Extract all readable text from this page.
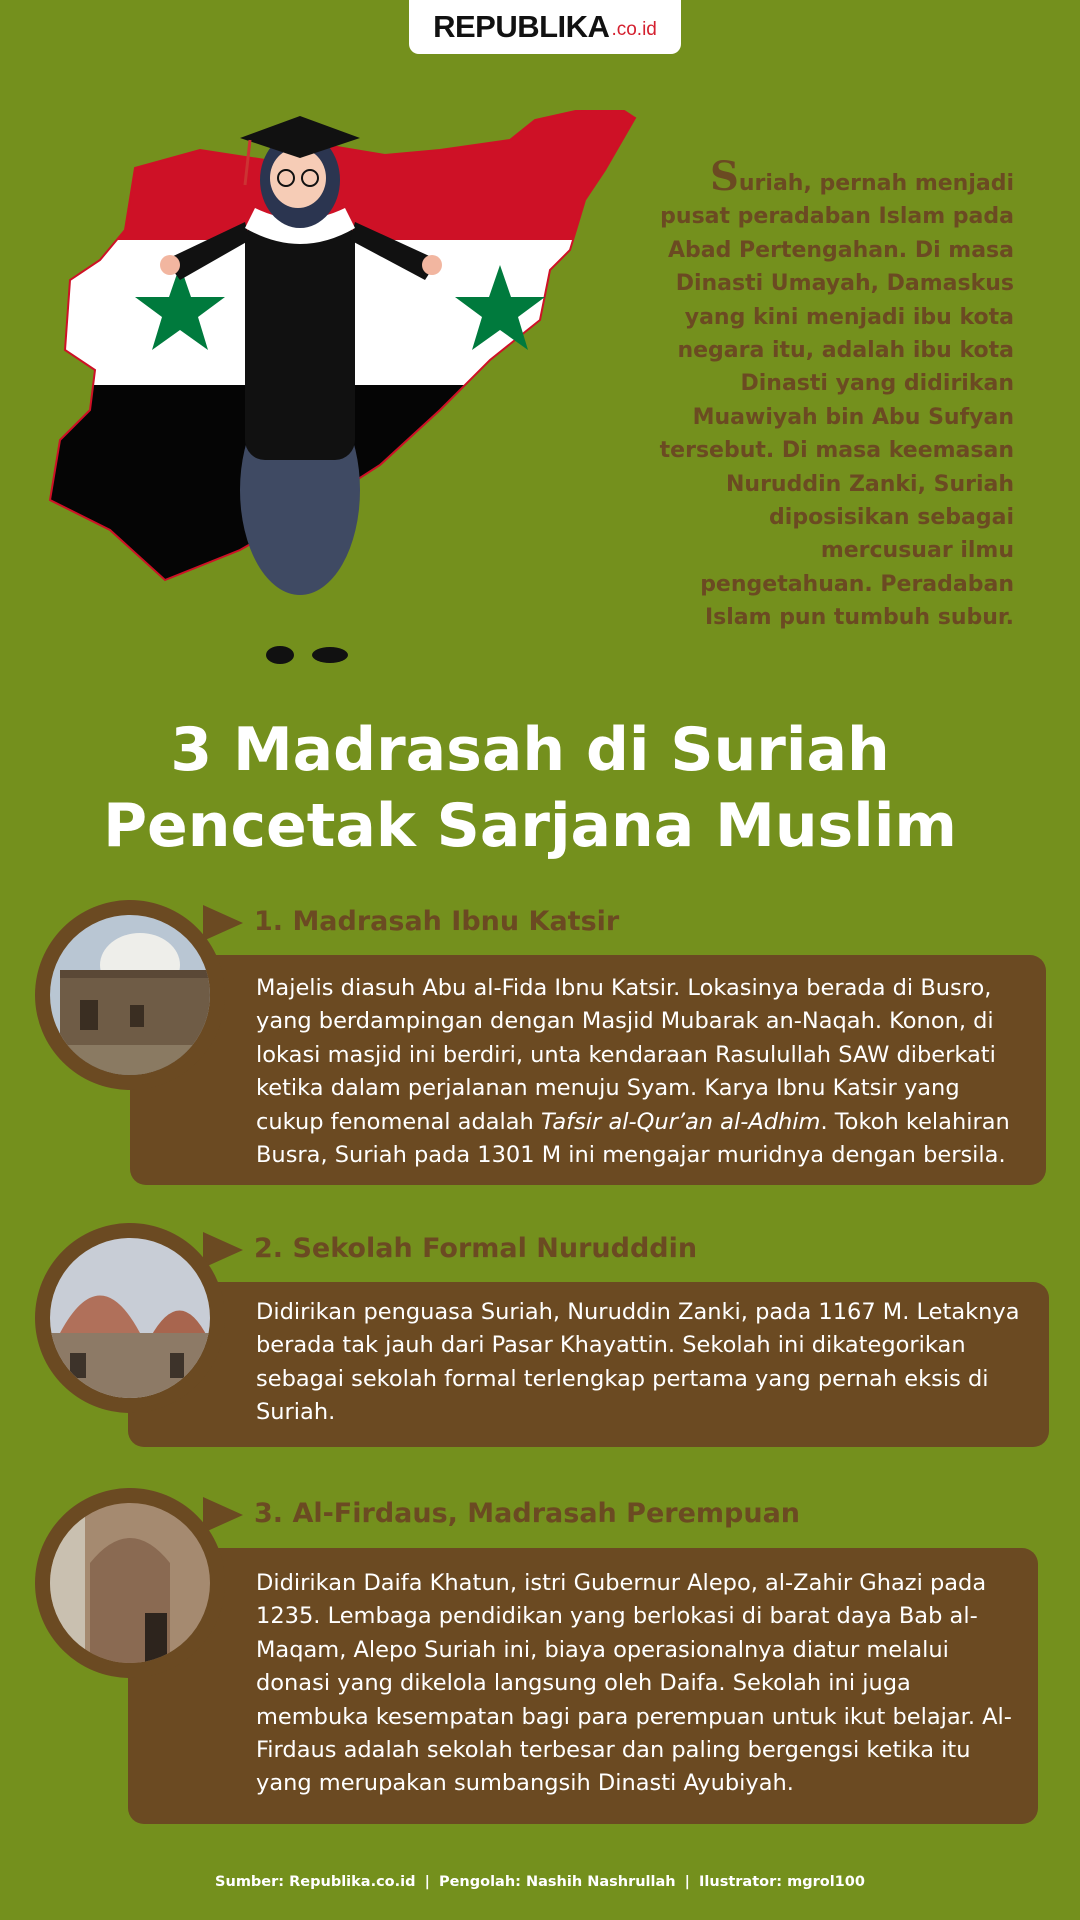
REPUBLIKA .co.id
Suriah, pernah menjadi pusat peradaban Islam pada Abad Pertengahan. Di masa Dinasti Umayah, Damaskus yang kini menjadi ibu kota negara itu, adalah ibu kota Dinasti yang didirikan Muawiyah bin Abu Sufyan tersebut. Di masa keemasan Nuruddin Zanki, Suriah diposisikan sebagai mercusuar ilmu pengetahuan. Peradaban Islam pun tumbuh subur.
3 Madrasah di Suriah
Pencetak Sarjana Muslim
Majelis diasuh Abu al-Fida Ibnu Katsir. Lokasinya berada di Busro, yang berdampingan dengan Masjid Mubarak an-Naqah. Konon, di lokasi masjid ini berdiri, unta kendaraan Rasulullah SAW diberkati ketika dalam perjalanan menuju Syam. Karya Ibnu Katsir yang cukup fenomenal adalah Tafsir al-Qur’an al-Adhim. Tokoh kelahiran Busra, Suriah pada 1301 M ini mengajar muridnya dengan bersila.
1. Madrasah Ibnu Katsir
Didirikan penguasa Suriah, Nuruddin Zanki, pada 1167 M. Letaknya berada tak jauh dari Pasar Khayattin. Sekolah ini dikategorikan sebagai sekolah formal terlengkap pertama yang pernah eksis di Suriah.
2. Sekolah Formal Nurudddin
Didirikan Daifa Khatun, istri Gubernur Alepo, al-Zahir Ghazi pada 1235. Lembaga pendidikan yang berlokasi di barat daya Bab al-Maqam, Alepo Suriah ini, biaya operasionalnya diatur melalui donasi yang dikelola langsung oleh Daifa. Sekolah ini juga membuka kesempatan bagi para perempuan untuk ikut belajar. Al-Firdaus adalah sekolah terbesar dan paling bergengsi ketika itu yang merupakan sumbangsih Dinasti Ayubiyah.
3. Al-Firdaus, Madrasah Perempuan
Sumber: Republika.co.id | Pengolah: Nashih Nashrullah | Ilustrator: mgrol100
